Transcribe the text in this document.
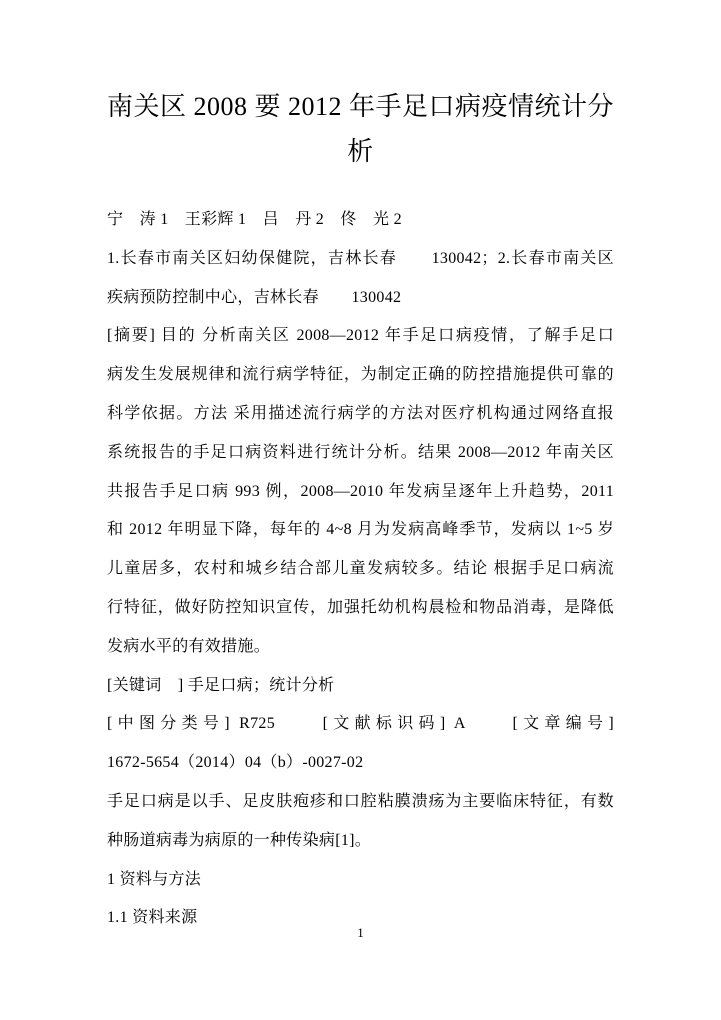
南关区 2008 要 2012 年手足口病疫情统计分
析
宁　涛 1　王彩辉 1　吕　丹 2　佟　光 2
1.长春市南关区妇幼保健院，吉林长春　　130042；2.长春市南关区
疾病预防控制中心，吉林长春　　130042
[摘要] 目的 分析南关区 2008—2012 年手足口病疫情，了解手足口
病发生发展规律和流行病学特征，为制定正确的防控措施提供可靠的
科学依据。方法 采用描述流行病学的方法对医疗机构通过网络直报
系统报告的手足口病资料进行统计分析。结果 2008—2012 年南关区
共报告手足口病 993 例，2008—2010 年发病呈逐年上升趋势，2011
和 2012 年明显下降，每年的 4~8 月为发病高峰季节，发病以 1~5 岁
儿童居多，农村和城乡结合部儿童发病较多。结论 根据手足口病流
行特征，做好防控知识宣传，加强托幼机构晨检和物品消毒，是降低
发病水平的有效措施。
[关键词　] 手足口病；统计分析
[中图分类号] R725　　[文献标识码] A　　[文章编号]
1672-5654（2014）04（b）-0027-02
手足口病是以手、足皮肤疱疹和口腔粘膜溃疡为主要临床特征，有数
种肠道病毒为病原的一种传染病[1]。
1 资料与方法
1.1 资料来源
1
